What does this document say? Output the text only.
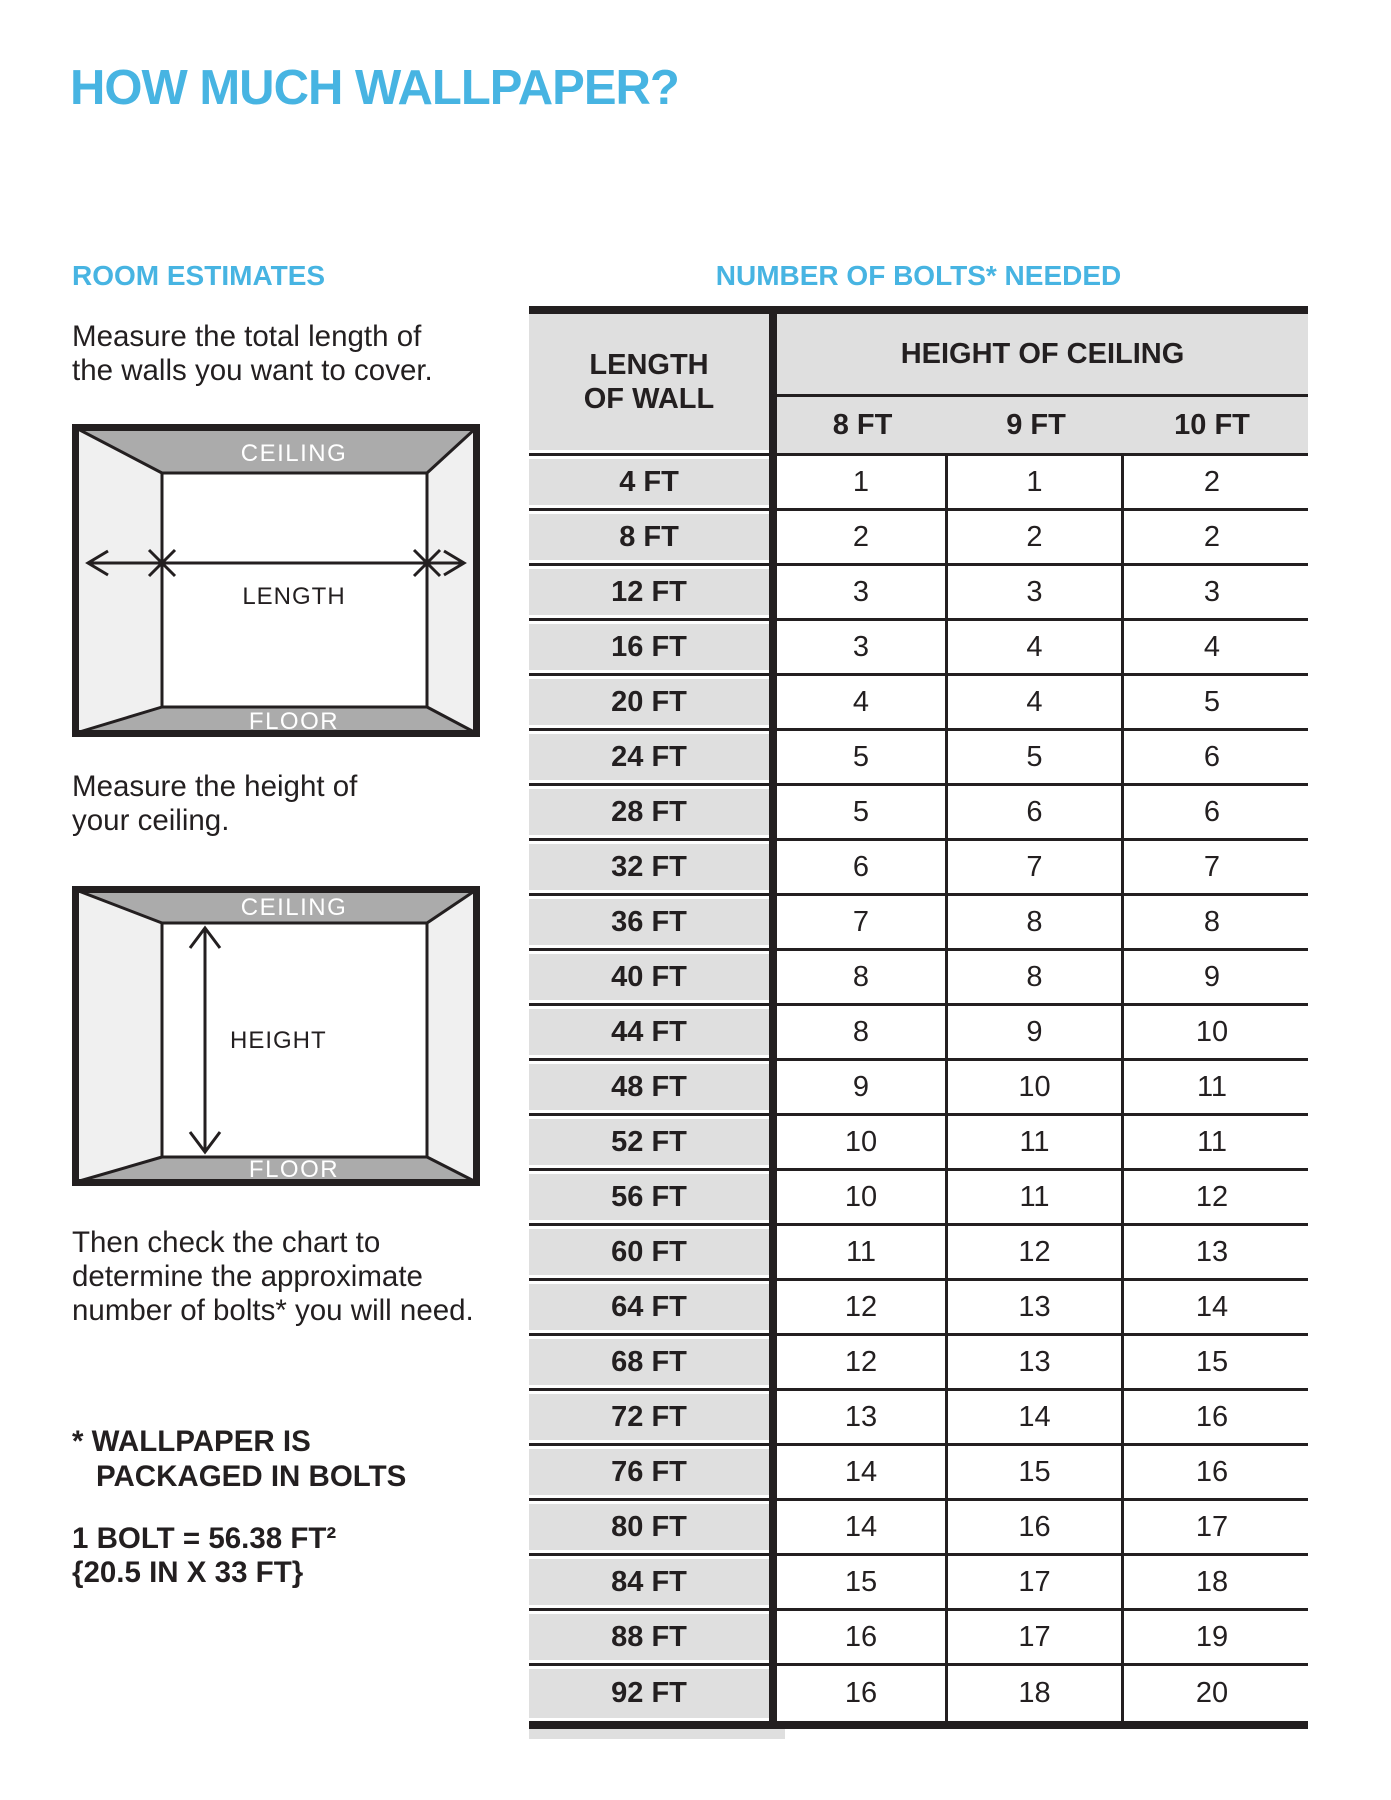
HOW MUCH WALLPAPER?
ROOM ESTIMATES
Measure the total length of
the walls you want to cover.
CEILING
FLOOR
LENGTH
Measure the height of
your ceiling.
CEILING
FLOOR
HEIGHT
Then check the chart to
determine the approximate
number of bolts* you will need.
* WALLPAPER IS
PACKAGED IN BOLTS
1 BOLT = 56.38 FT²
{20.5 IN X 33 FT}
NUMBER OF BOLTS* NEEDED
LENGTH
OF WALL
HEIGHT OF CEILING
8 FT	9 FT	10 FT
4 FT	1	1	2
8 FT	2	2	2
12 FT	3	3	3
16 FT	3	4	4
20 FT	4	4	5
24 FT	5	5	6
28 FT	5	6	6
32 FT	6	7	7
36 FT	7	8	8
40 FT	8	8	9
44 FT	8	9	10
48 FT	9	10	11
52 FT	10	11	11
56 FT	10	11	12
60 FT	11	12	13
64 FT	12	13	14
68 FT	12	13	15
72 FT	13	14	16
76 FT	14	15	16
80 FT	14	16	17
84 FT	15	17	18
88 FT	16	17	19
92 FT	16	18	20
